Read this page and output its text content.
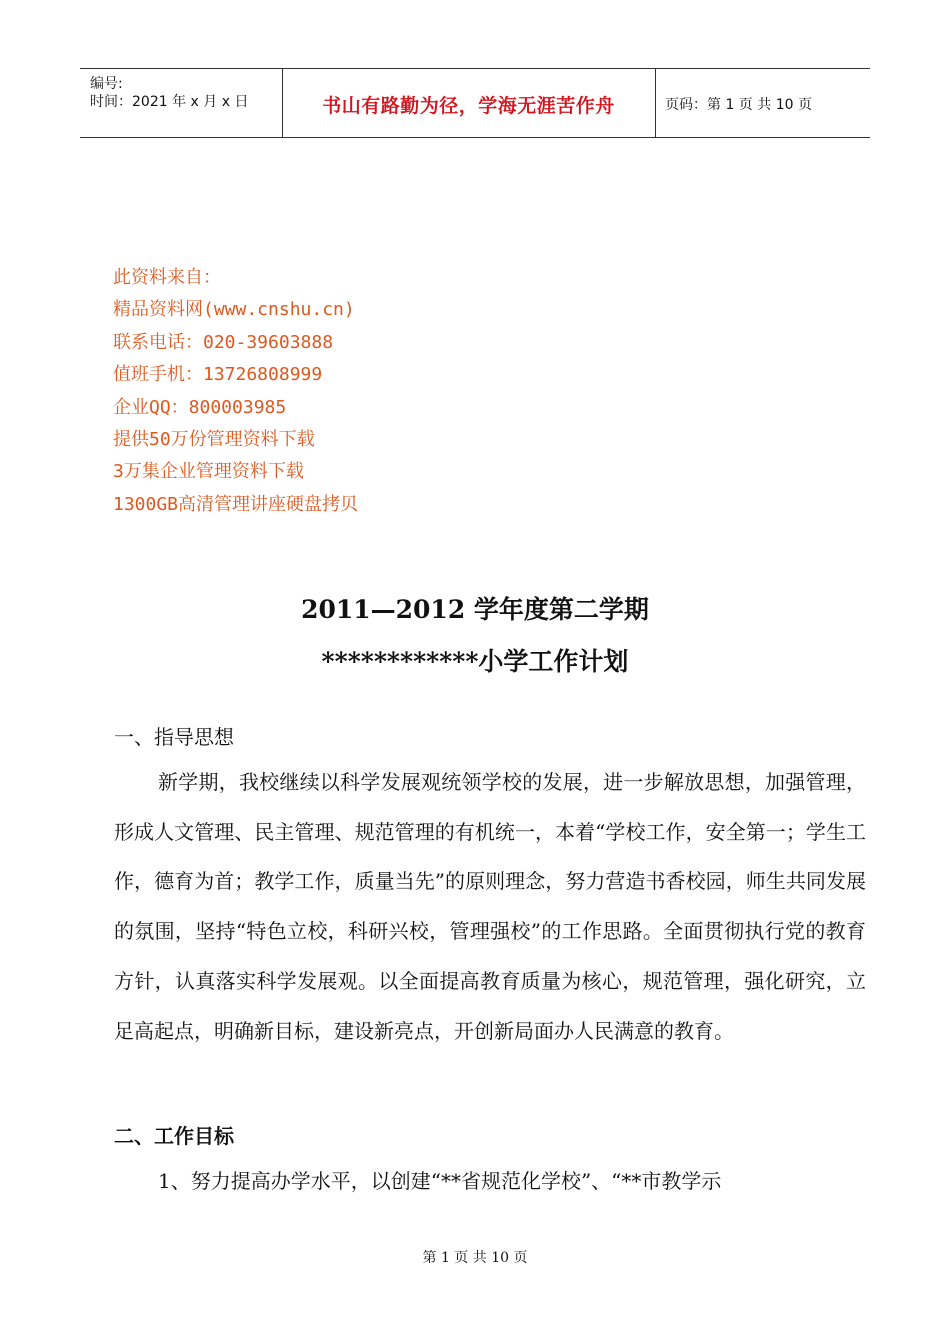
编号:
时间：2021 年 x 月 x 日	书山有路勤为径，学海无涯苦作舟	页码：第 1 页 共 10 页
此资料来自：
精品资料网(www.cnshu.cn)
联系电话：020-39603888
值班手机：13726808999
企业QQ：800003985
提供50万份管理资料下载
3万集企业管理资料下载
1300GB高清管理讲座硬盘拷贝
2011—2012 学年度第二学期
************小学工作计划
一、指导思想
新学期，我校继续以科学发展观统领学校的发展，进一步解放思想，加强管理，形成人文管理、民主管理、规范管理的有机统一，本着“学校工作，安全第一；学生工作，德育为首；教学工作，质量当先”的原则理念，努力营造书香校园，师生共同发展的氛围，坚持“特色立校，科研兴校，管理强校”的工作思路。全面贯彻执行党的教育方针，认真落实科学发展观。以全面提高教育质量为核心，规范管理，强化研究，立足高起点，明确新目标，建设新亮点，开创新局面办人民满意的教育。
二、工作目标
1、努力提高办学水平，以创建“**省规范化学校”、“**市教学示
第 1 页 共 10 页
